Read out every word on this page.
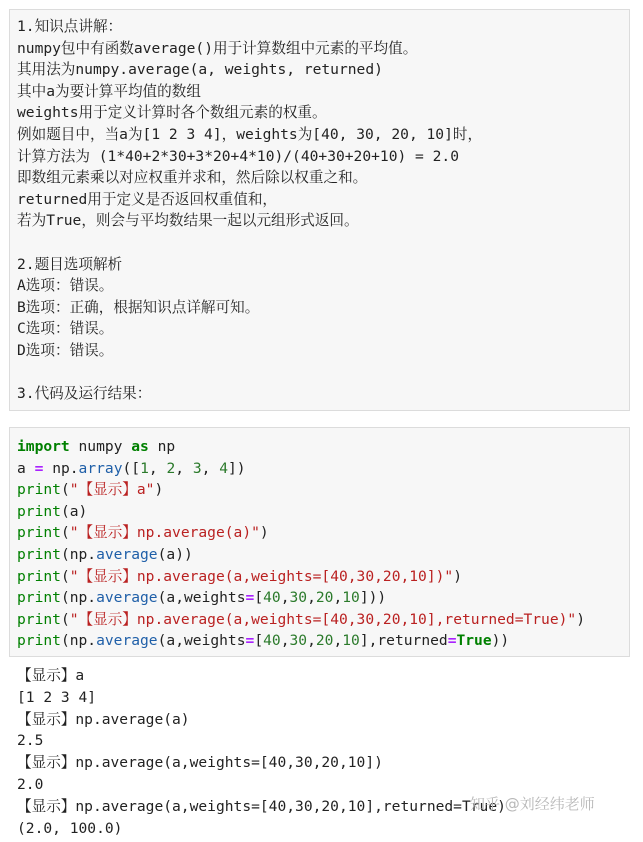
1.知识点讲解：
numpy包中有函数average()用于计算数组中元素的平均值。
其用法为numpy.average(a, weights, returned)
其中a为要计算平均值的数组
weights用于定义计算时各个数组元素的权重。
例如题目中，当a为[1 2 3 4]，weights为[40, 30, 20, 10]时，
计算方法为 (1*40+2*30+3*20+4*10)/(40+30+20+10) = 2.0
即数组元素乘以对应权重并求和，然后除以权重之和。
returned用于定义是否返回权重值和，
若为True，则会与平均数结果一起以元组形式返回。
2.题目选项解析
A选项：错误。
B选项：正确，根据知识点详解可知。
C选项：错误。
D选项：错误。
3.代码及运行结果：
import numpy as np
a = np.array([1, 2, 3, 4])
print("【显示】a")
print(a)
print("【显示】np.average(a)")
print(np.average(a))
print("【显示】np.average(a,weights=[40,30,20,10])")
print(np.average(a,weights=[40,30,20,10]))
print("【显示】np.average(a,weights=[40,30,20,10],returned=True)")
print(np.average(a,weights=[40,30,20,10],returned=True))
【显示】a
[1 2 3 4]
【显示】np.average(a)
2.5
【显示】np.average(a,weights=[40,30,20,10])
2.0
【显示】np.average(a,weights=[40,30,20,10],returned=True)
(2.0, 100.0)
知乎 @刘经纬老师
